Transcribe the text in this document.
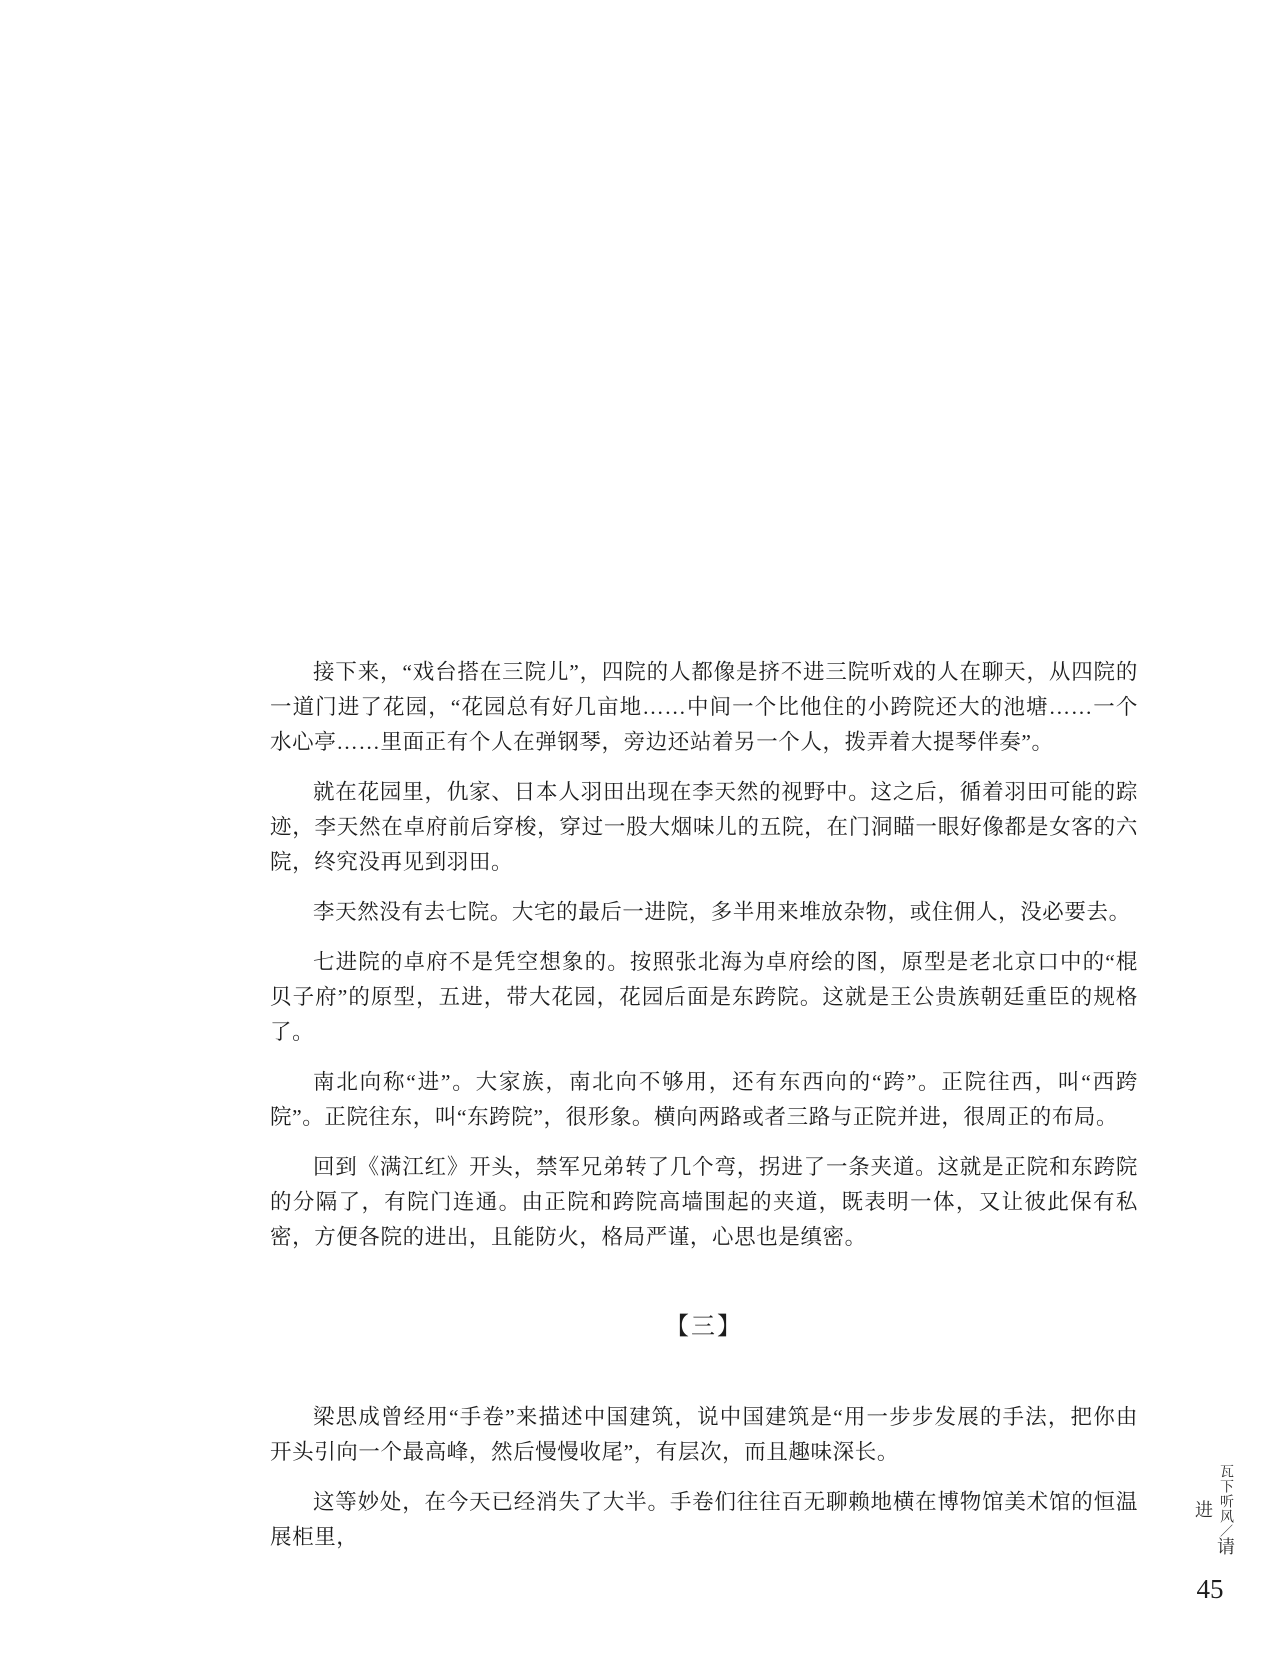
接下来，“戏台搭在三院儿”，四院的人都像是挤不进三院听戏的人在聊天，从四院的一道门进了花园，“花园总有好几亩地……中间一个比他住的小跨院还大的池塘……一个水心亭……里面正有个人在弹钢琴，旁边还站着另一个人，拨弄着大提琴伴奏”。

就在花园里，仇家、日本人羽田出现在李天然的视野中。这之后，循着羽田可能的踪迹，李天然在卓府前后穿梭，穿过一股大烟味儿的五院，在门洞瞄一眼好像都是女客的六院，终究没再见到羽田。

李天然没有去七院。大宅的最后一进院，多半用来堆放杂物，或住佣人，没必要去。

七进院的卓府不是凭空想象的。按照张北海为卓府绘的图，原型是老北京口中的“棍贝子府”的原型，五进，带大花园，花园后面是东跨院。这就是王公贵族朝廷重臣的规格了。

南北向称“进”。大家族，南北向不够用，还有东西向的“跨”。正院往西，叫“西跨院”。正院往东，叫“东跨院”，很形象。横向两路或者三路与正院并进，很周正的布局。

回到《满江红》开头，禁军兄弟转了几个弯，拐进了一条夹道。这就是正院和东跨院的分隔了，有院门连通。由正院和跨院高墙围起的夹道，既表明一体，又让彼此保有私密，方便各院的进出，且能防火，格局严谨，心思也是缜密。

【三】

梁思成曾经用“手卷”来描述中国建筑，说中国建筑是“用一步步发展的手法，把你由开头引向一个最高峰，然后慢慢收尾”，有层次，而且趣味深长。

这等妙处，在今天已经消失了大半。手卷们往往百无聊赖地横在博物馆美术馆的恒温展柜里，

瓦下听风／请进
45
